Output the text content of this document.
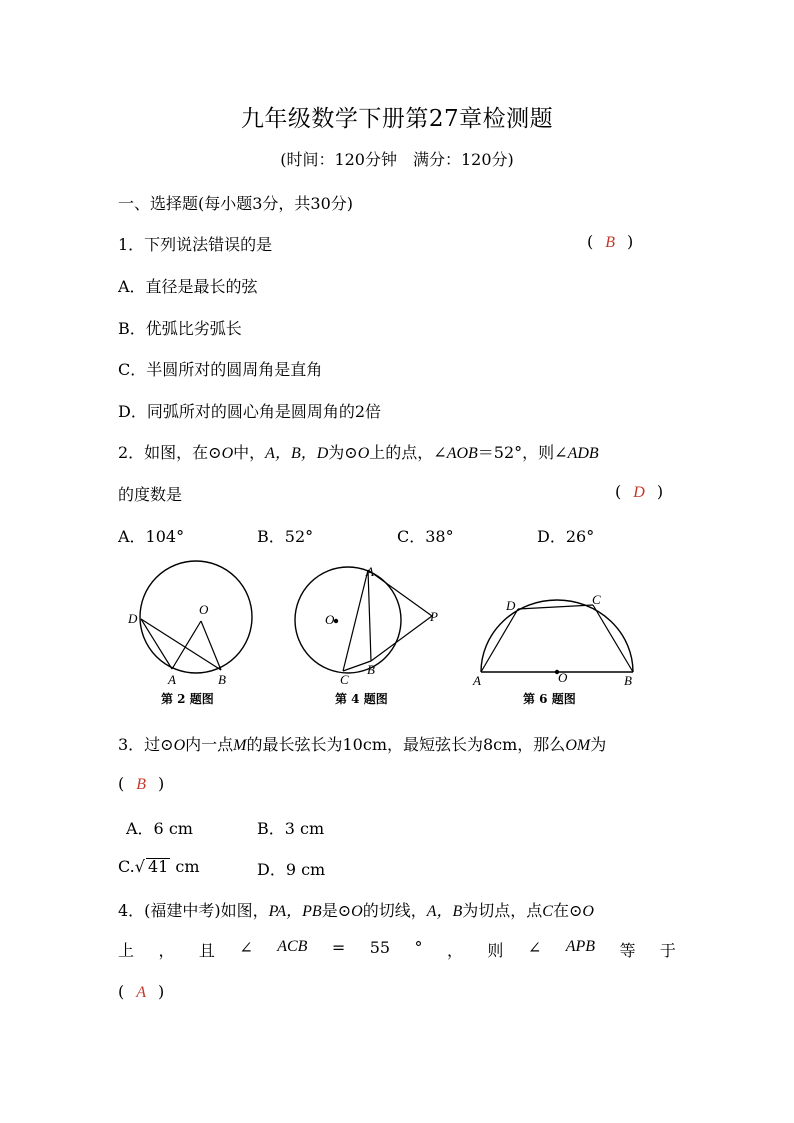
九年级数学下册第27章检测题
(时间：120分钟　满分：120分)
一、选择题(每小题3分，共30分)
1．下列说法错误的是	( B )
A．直径是最长的弦
B．优弧比劣弧长
C．半圆所对的圆周角是直角
D．同弧所对的圆心角是圆周角的2倍
2．如图，在⊙O中，A，B，D为⊙O上的点，∠AOB＝52°，则∠ADB
的度数是	( D )
A．104°	B．52°	C．38°	D．26°
D
O
A	B
第 2 题图
A
O	P
C
B
第 4 题图
D	C
A	O	B
第 6 题图
3．过⊙O内一点M的最长弦长为10cm，最短弦长为8cm，那么OM为
( B )
A．6 cm	B．3 cm
C.√ 41 cm	D．9 cm
4．(福建中考)如图，PA，PB是⊙O的切线，A，B为切点，点C在⊙O
上 ， 且 ∠ ACB = 55 ° ， 则 ∠ APB 等 于
( A )
